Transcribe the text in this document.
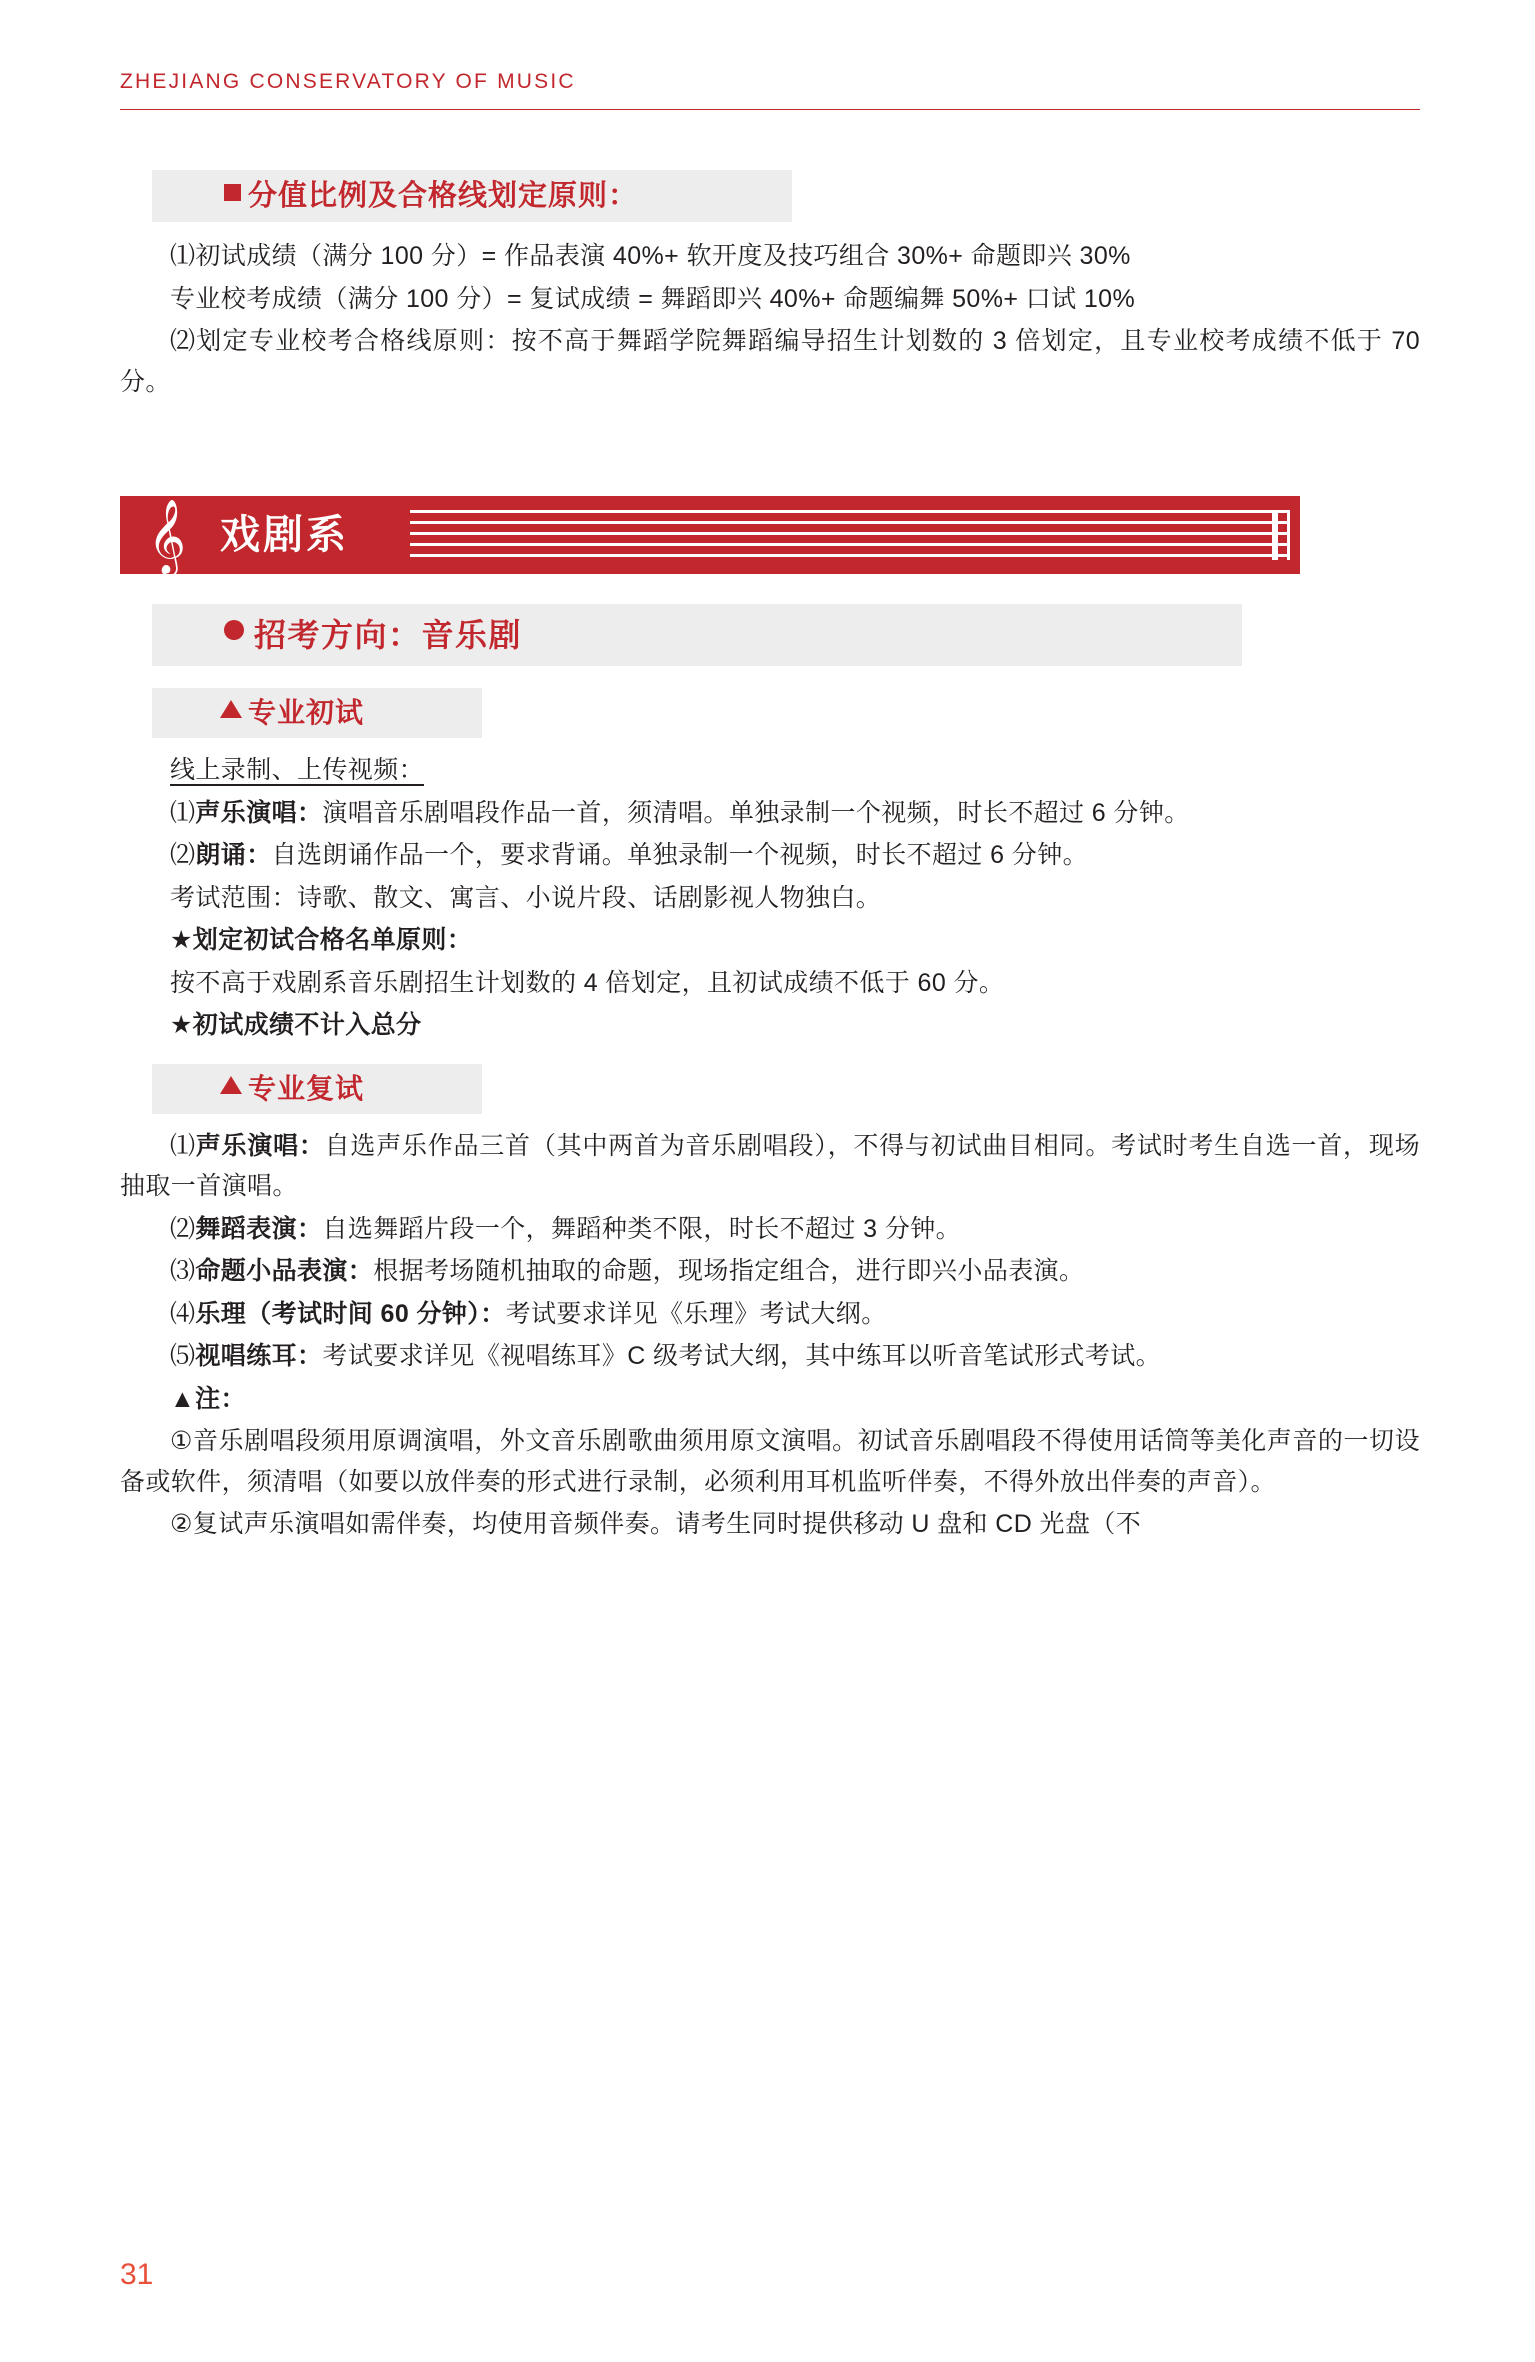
ZHEJIANG CONSERVATORY OF MUSIC
分值比例及合格线划定原则：

⑴初试成绩（满分 100 分）= 作品表演 40%+ 软开度及技巧组合 30%+ 命题即兴 30%

专业校考成绩（满分 100 分）= 复试成绩 = 舞蹈即兴 40%+ 命题编舞 50%+ 口试 10%

⑵划定专业校考合格线原则：按不高于舞蹈学院舞蹈编导招生计划数的 3 倍划定，且专业校考成绩不低于 70 分。

𝄞 戏剧系
招考方向：音乐剧
专业初试

线上录制、上传视频：

⑴声乐演唱：演唱音乐剧唱段作品一首，须清唱。单独录制一个视频，时长不超过 6 分钟。

⑵朗诵：自选朗诵作品一个，要求背诵。单独录制一个视频，时长不超过 6 分钟。

考试范围：诗歌、散文、寓言、小说片段、话剧影视人物独白。

★划定初试合格名单原则：

按不高于戏剧系音乐剧招生计划数的 4 倍划定，且初试成绩不低于 60 分。

★初试成绩不计入总分

专业复试

⑴声乐演唱：自选声乐作品三首（其中两首为音乐剧唱段），不得与初试曲目相同。考试时考生自选一首，现场抽取一首演唱。

⑵舞蹈表演：自选舞蹈片段一个，舞蹈种类不限，时长不超过 3 分钟。

⑶命题小品表演：根据考场随机抽取的命题，现场指定组合，进行即兴小品表演。

⑷乐理（考试时间 60 分钟）：考试要求详见《乐理》考试大纲。

⑸视唱练耳：考试要求详见《视唱练耳》C 级考试大纲，其中练耳以听音笔试形式考试。

▲注：

①音乐剧唱段须用原调演唱，外文音乐剧歌曲须用原文演唱。初试音乐剧唱段不得使用话筒等美化声音的一切设备或软件，须清唱（如要以放伴奏的形式进行录制，必须利用耳机监听伴奏，不得外放出伴奏的声音）。

②复试声乐演唱如需伴奏，均使用音频伴奏。请考生同时提供移动 U 盘和 CD 光盘（不

31
